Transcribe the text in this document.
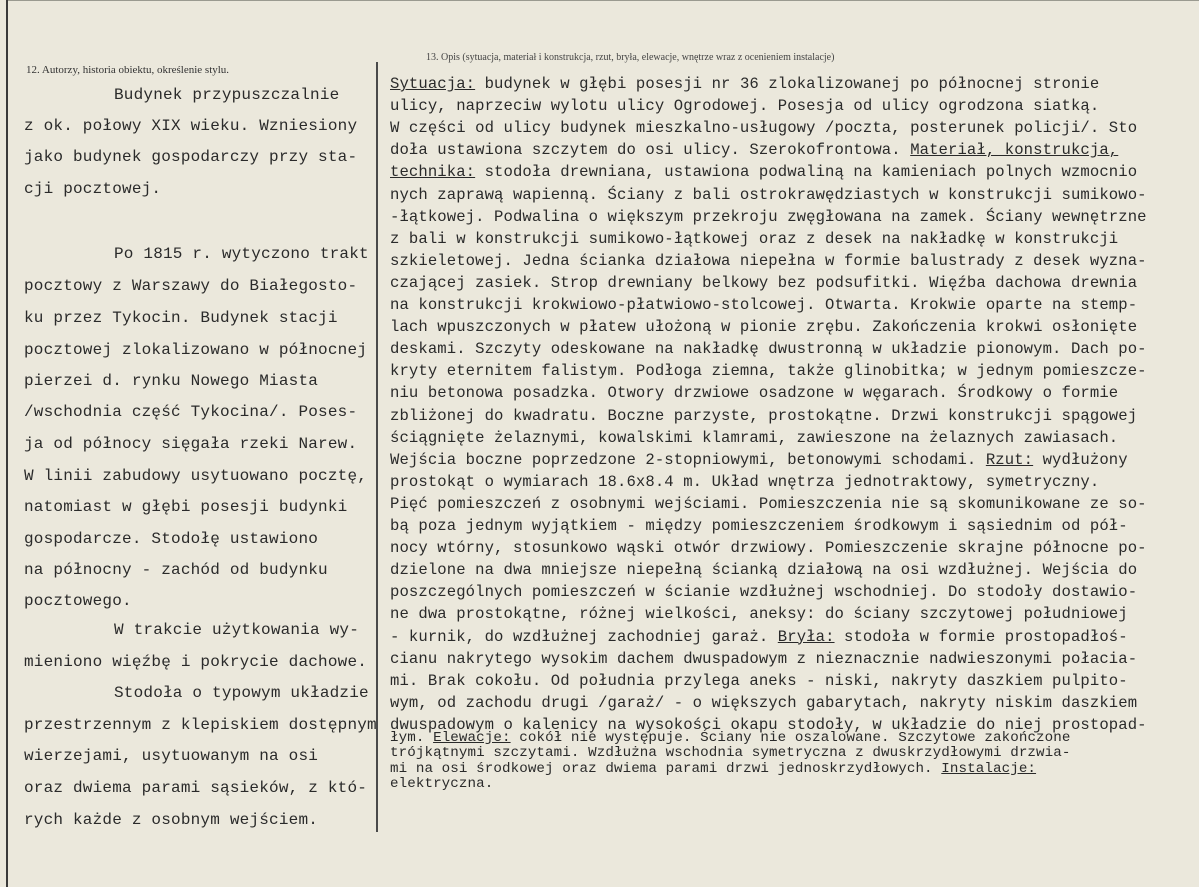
12. Autorzy, historia obiektu, określenie stylu.
13. Opis (sytuacja, materiał i konstrukcja, rzut, bryła, elewacje, wnętrze wraz z ocenieniem instalacje)
Budynek przypuszczalnie
z ok. połowy XIX wieku. Wzniesiony
jako budynek gospodarczy przy sta-
cji pocztowej.
Po 1815 r. wytyczono trakt
pocztowy z Warszawy do Białegosto-
ku przez Tykocin. Budynek stacji
pocztowej zlokalizowano w północnej
pierzei d. rynku Nowego Miasta
/wschodnia część Tykocina/. Poses-
ja od północy sięgała rzeki Narew.
W linii zabudowy usytuowano pocztę,
natomiast w głębi posesji budynki
gospodarcze. Stodołę ustawiono
na północny - zachód od budynku
pocztowego.
W trakcie użytkowania wy-
mieniono więźbę i pokrycie dachowe.
Stodoła o typowym układzie
przestrzennym z klepiskiem dostępnym
wierzejami, usytuowanym na osi
oraz dwiema parami sąsieków, z któ-
rych każde z osobnym wejściem.
Sytuacja: budynek w głębi posesji nr 36 zlokalizowanej po północnej stronie
ulicy, naprzeciw wylotu ulicy Ogrodowej. Posesja od ulicy ogrodzona siatką.
W części od ulicy budynek mieszkalno-usługowy /poczta, posterunek policji/. Sto
doła ustawiona szczytem do osi ulicy. Szerokofrontowa. Materiał, konstrukcja,
technika: stodoła drewniana, ustawiona podwaliną na kamieniach polnych wzmocnio
nych zaprawą wapienną. Ściany z bali ostrokrawędziastych w konstrukcji sumikowo-
-łątkowej. Podwalina o większym przekroju zwęgłowana na zamek. Ściany wewnętrzne
z bali w konstrukcji sumikowo-łątkowej oraz z desek na nakładkę w konstrukcji
szkieletowej. Jedna ścianka działowa niepełna w formie balustrady z desek wyzna-
czającej zasiek. Strop drewniany belkowy bez podsufitki. Więźba dachowa drewnia
na konstrukcji krokwiowo-płatwiowo-stolcowej. Otwarta. Krokwie oparte na stemp-
lach wpuszczonych w płatew ułożoną w pionie zrębu. Zakończenia krokwi osłonięte
deskami. Szczyty odeskowane na nakładkę dwustronną w układzie pionowym. Dach po-
kryty eternitem falistym. Podłoga ziemna, także glinobitka; w jednym pomieszcze-
niu betonowa posadzka. Otwory drzwiowe osadzone w węgarach. Środkowy o formie
zbliżonej do kwadratu. Boczne parzyste, prostokątne. Drzwi konstrukcji spągowej
ściągnięte żelaznymi, kowalskimi klamrami, zawieszone na żelaznych zawiasach.
Wejścia boczne poprzedzone 2-stopniowymi, betonowymi schodami. Rzut: wydłużony
prostokąt o wymiarach 18.6x8.4 m. Układ wnętrza jednotraktowy, symetryczny.
Pięć pomieszczeń z osobnymi wejściami. Pomieszczenia nie są skomunikowane ze so-
bą poza jednym wyjątkiem - między pomieszczeniem środkowym i sąsiednim od pół-
nocy wtórny, stosunkowo wąski otwór drzwiowy. Pomieszczenie skrajne północne po-
dzielone na dwa mniejsze niepełną ścianką działową na osi wzdłużnej. Wejścia do
poszczególnych pomieszczeń w ścianie wzdłużnej wschodniej. Do stodoły dostawio-
ne dwa prostokątne, różnej wielkości, aneksy: do ściany szczytowej południowej
- kurnik, do wzdłużnej zachodniej garaż. Bryła: stodoła w formie prostopadłoś-
cianu nakrytego wysokim dachem dwuspadowym z nieznacznie nadwieszonymi połacia-
mi. Brak cokołu. Od południa przylega aneks - niski, nakryty daszkiem pulpito-
wym, od zachodu drugi /garaż/ - o większych gabarytach, nakryty niskim daszkiem
dwuspadowym o kalenicy na wysokości okapu stodoły, w układzie do niej prostopad-
łym. Elewacje: cokół nie występuje. Ściany nie oszalowane. Szczytowe zakończone
trójkątnymi szczytami. Wzdłużna wschodnia symetryczna z dwuskrzydłowymi drzwia-
mi na osi środkowej oraz dwiema parami drzwi jednoskrzydłowych. Instalacje:
elektryczna.
